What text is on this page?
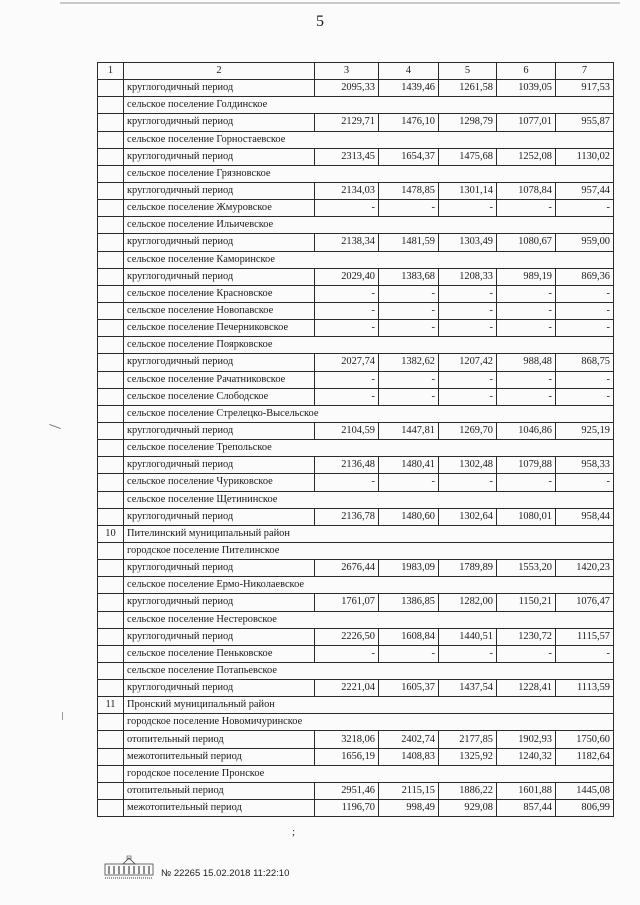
5
1	2	3	4	5	6	7
	круглогодичный период	2095,33	1439,46	1261,58	1039,05	917,53
	сельское поселение Голдинское					
	круглогодичный период	2129,71	1476,10	1298,79	1077,01	955,87
	сельское поселение Горностаевское					
	круглогодичный период	2313,45	1654,37	1475,68	1252,08	1130,02
	сельское поселение Грязновское					
	круглогодичный период	2134,03	1478,85	1301,14	1078,84	957,44
	сельское поселение Жмуровское	-	-	-	-	-
	сельское поселение Ильичевское					
	круглогодичный период	2138,34	1481,59	1303,49	1080,67	959,00
	сельское поселение Каморинское					
	круглогодичный период	2029,40	1383,68	1208,33	989,19	869,36
	сельское поселение Красновское	-	-	-	-	-
	сельское поселение Новопавское	-	-	-	-	-
	сельское поселение Печерниковское	-	-	-	-	-
	сельское поселение Поярковское					
	круглогодичный период	2027,74	1382,62	1207,42	988,48	868,75
	сельское поселение Рачатниковское	-	-	-	-	-
	сельское поселение Слободское	-	-	-	-	-
	сельское поселение Стрелецко-Высельское					
	круглогодичный период	2104,59	1447,81	1269,70	1046,86	925,19
	сельское поселение Трепольское					
	круглогодичный период	2136,48	1480,41	1302,48	1079,88	958,33
	сельское поселение Чуриковское	-	-	-	-	-
	сельское поселение Щетининское					
	круглогодичный период	2136,78	1480,60	1302,64	1080,01	958,44
10	Пителинский муниципальный район					
	городское поселение Пителинское					
	круглогодичный период	2676,44	1983,09	1789,89	1553,20	1420,23
	сельское поселение Ермо-Николаевское					
	круглогодичный период	1761,07	1386,85	1282,00	1150,21	1076,47
	сельское поселение Нестеровское					
	круглогодичный период	2226,50	1608,84	1440,51	1230,72	1115,57
	сельское поселение Пеньковское	-	-	-	-	-
	сельское поселение Потапьевское					
	круглогодичный период	2221,04	1605,37	1437,54	1228,41	1113,59
11	Пронский муниципальный район					
	городское поселение Новомичуринское					
	отопительный период	3218,06	2402,74	2177,85	1902,93	1750,60
	межотопительный период	1656,19	1408,83	1325,92	1240,32	1182,64
	городское поселение Пронское					
	отопительный период	2951,46	2115,15	1886,22	1601,88	1445,08
	межотопительный период	1196,70	998,49	929,08	857,44	806,99
;
№ 22265 15.02.2018 11:22:10
